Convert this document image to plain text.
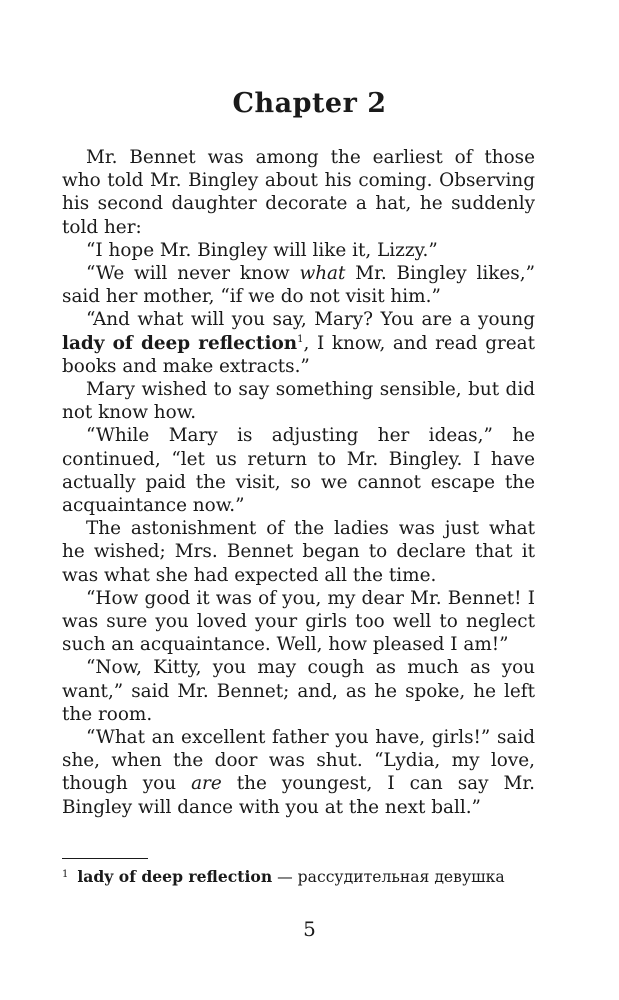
Chapter 2

Mr. Bennet was among the earliest of those who told Mr. Bingley about his coming. Observing his second daughter decorate a hat, he suddenly told her:

“I hope Mr. Bingley will like it, Lizzy.”

“We will never know what Mr. Bingley likes,” said her mother, “if we do not visit him.”

“And what will you say, Mary? You are a young lady of deep reflection$^1$, I know, and read great books and make extracts.”

Mary wished to say something sensible, but did not know how.

“While Mary is adjusting her ideas,” he continued, “let us return to Mr. Bingley. I have actually paid the visit, so we cannot escape the acquaintance now.”

The astonishment of the ladies was just what he wished; Mrs. Bennet began to declare that it was what she had expected all the time.

“How good it was of you, my dear Mr. Bennet! I was sure you loved your girls too well to neglect such an acquaintance. Well, how pleased I am!”

“Now, Kitty, you may cough as much as you want,” said Mr. Bennet; and, as he spoke, he left the room.

“What an excellent father you have, girls!” said she, when the door was shut. “Lydia, my love, though you are the youngest, I can say Mr. Bingley will dance with you at the next ball.”

$^1$ lady of deep reflection — рассудительная девушка
5
